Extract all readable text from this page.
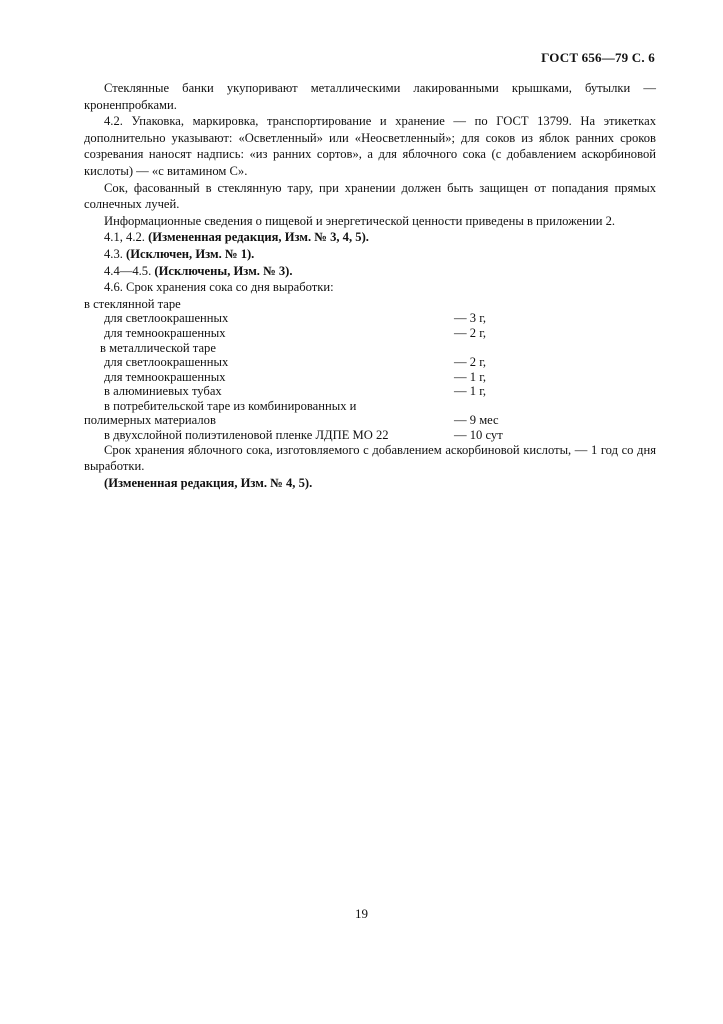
ГОСТ 656—79 С. 6

Стеклянные банки укупоривают металлическими лакированными крышками, бутылки — кроненпробками.

4.2. Упаковка, маркировка, транспортирование и хранение — по ГОСТ 13799. На этикетках дополнительно указывают: «Осветленный» или «Неосветленный»; для соков из яблок ранних сроков созревания наносят надпись: «из ранних сортов», а для яблочного сока (с добавлением аскорбиновой кислоты) — «с витамином С».

Сок, фасованный в стеклянную тару, при хранении должен быть защищен от попадания прямых солнечных лучей.

Информационные сведения о пищевой и энергетической ценности приведены в приложении 2.

4.1, 4.2. (Измененная редакция, Изм. № 3, 4, 5).

4.3. (Исключен, Изм. № 1).

4.4—4.5. (Исключены, Изм. № 3).

4.6. Срок хранения сока со дня выработки:

в стеклянной таре
для светлоокрашенных	— 3 г,
для темноокрашенных	— 2 г,
в металлической таре
для светлоокрашенных	— 2 г,
для темноокрашенных	— 1 г,
в алюминиевых тубах	— 1 г,
в потребительской таре из комбинированных и
полимерных материалов	— 9 мес
в двухслойной полиэтиленовой пленке ЛДПЕ МО 22	— 10 сут

Срок хранения яблочного сока, изготовляемого с добавлением аскорбиновой кислоты, — 1 год со дня выработки.

(Измененная редакция, Изм. № 4, 5).

19
